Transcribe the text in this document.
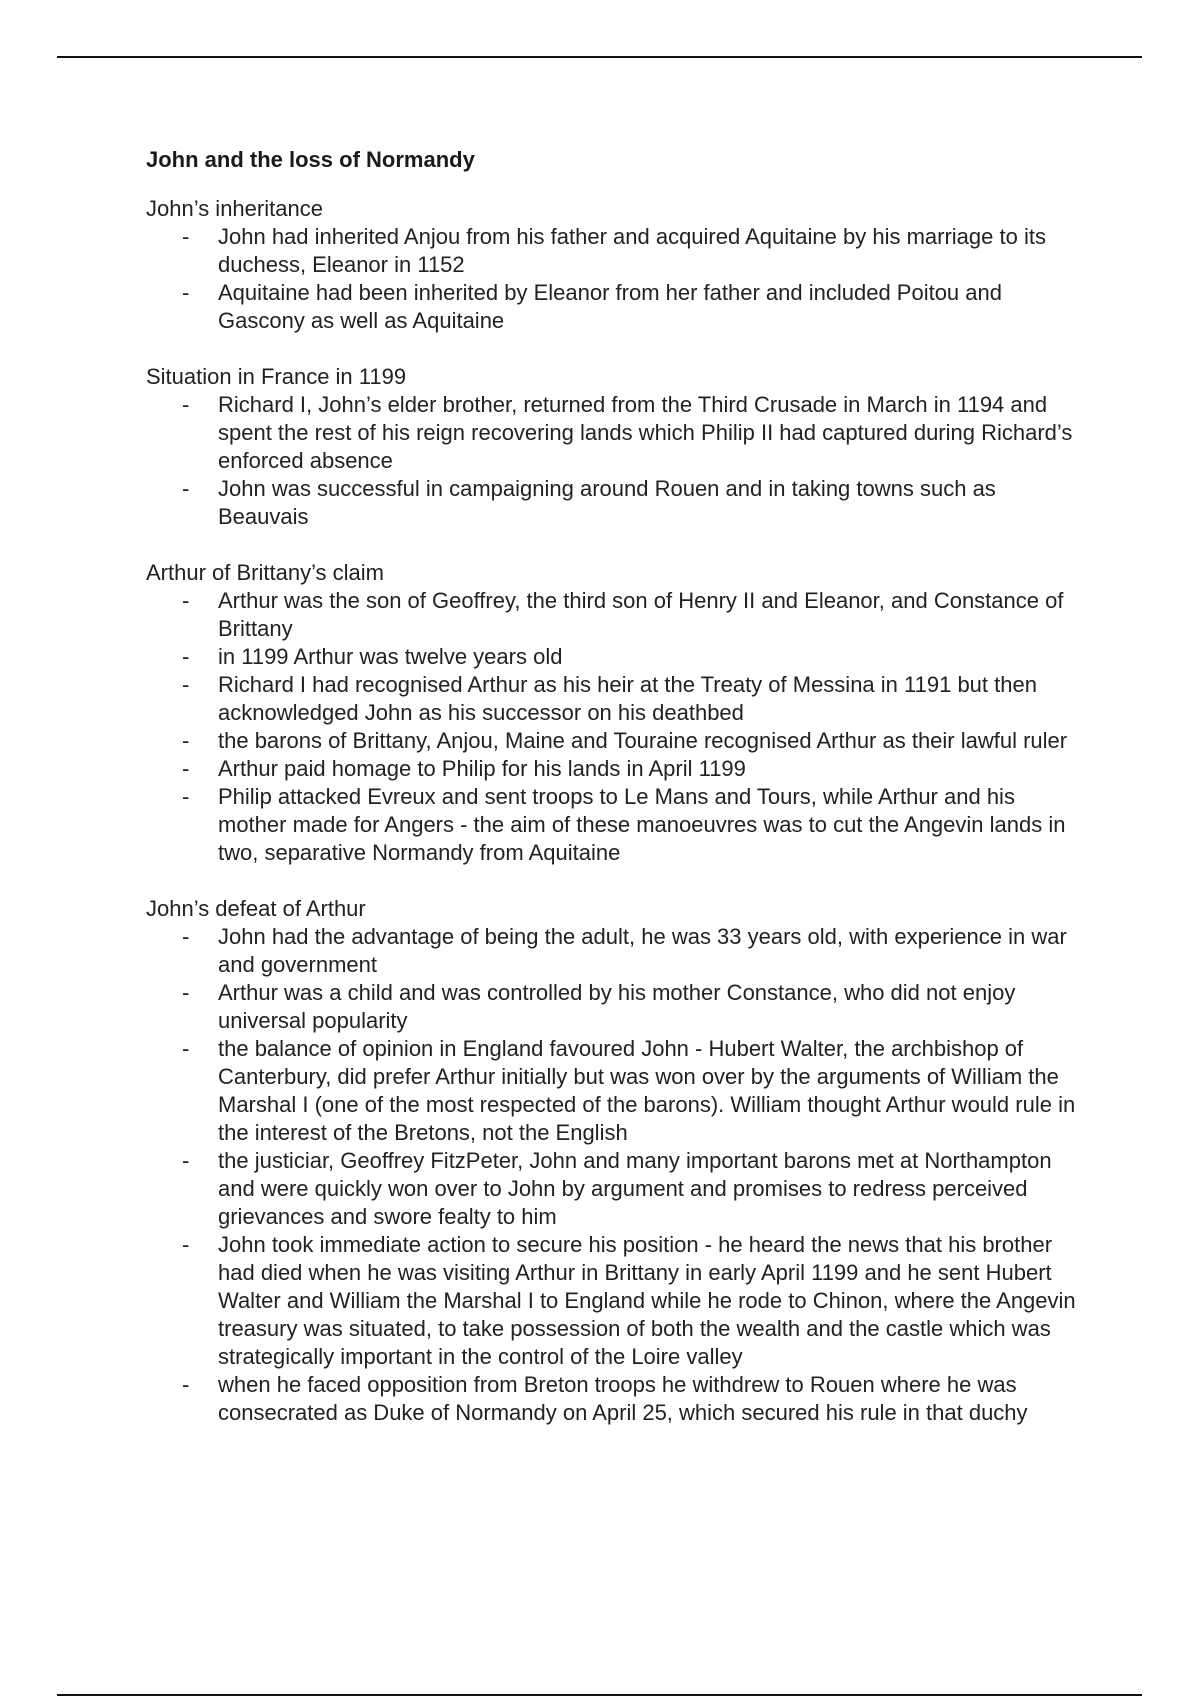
John and the loss of Normandy
John’s inheritance
- John had inherited Anjou from his father and acquired Aquitaine by his marriage to its duchess, Eleanor in 1152
- Aquitaine had been inherited by Eleanor from her father and included Poitou and Gascony as well as Aquitaine
Situation in France in 1199
- Richard I, John’s elder brother, returned from the Third Crusade in March in 1194 and spent the rest of his reign recovering lands which Philip II had captured during Richard’s enforced absence
- John was successful in campaigning around Rouen and in taking towns such as Beauvais
Arthur of Brittany’s claim
- Arthur was the son of Geoffrey, the third son of Henry II and Eleanor, and Constance of Brittany
- in 1199 Arthur was twelve years old
- Richard I had recognised Arthur as his heir at the Treaty of Messina in 1191 but then acknowledged John as his successor on his deathbed
- the barons of Brittany, Anjou, Maine and Touraine recognised Arthur as their lawful ruler
- Arthur paid homage to Philip for his lands in April 1199
- Philip attacked Evreux and sent troops to Le Mans and Tours, while Arthur and his mother made for Angers - the aim of these manoeuvres was to cut the Angevin lands in two, separative Normandy from Aquitaine
John’s defeat of Arthur
- John had the advantage of being the adult, he was 33 years old, with experience in war and government
- Arthur was a child and was controlled by his mother Constance, who did not enjoy universal popularity
- the balance of opinion in England favoured John - Hubert Walter, the archbishop of Canterbury, did prefer Arthur initially but was won over by the arguments of William the Marshal I (one of the most respected of the barons). William thought Arthur would rule in the interest of the Bretons, not the English
- the justiciar, Geoffrey FitzPeter, John and many important barons met at Northampton and were quickly won over to John by argument and promises to redress perceived grievances and swore fealty to him
- John took immediate action to secure his position - he heard the news that his brother had died when he was visiting Arthur in Brittany in early April 1199 and he sent Hubert Walter and William the Marshal I to England while he rode to Chinon, where the Angevin treasury was situated, to take possession of both the wealth and the castle which was strategically important in the control of the Loire valley
- when he faced opposition from Breton troops he withdrew to Rouen where he was consecrated as Duke of Normandy on April 25, which secured his rule in that duchy
